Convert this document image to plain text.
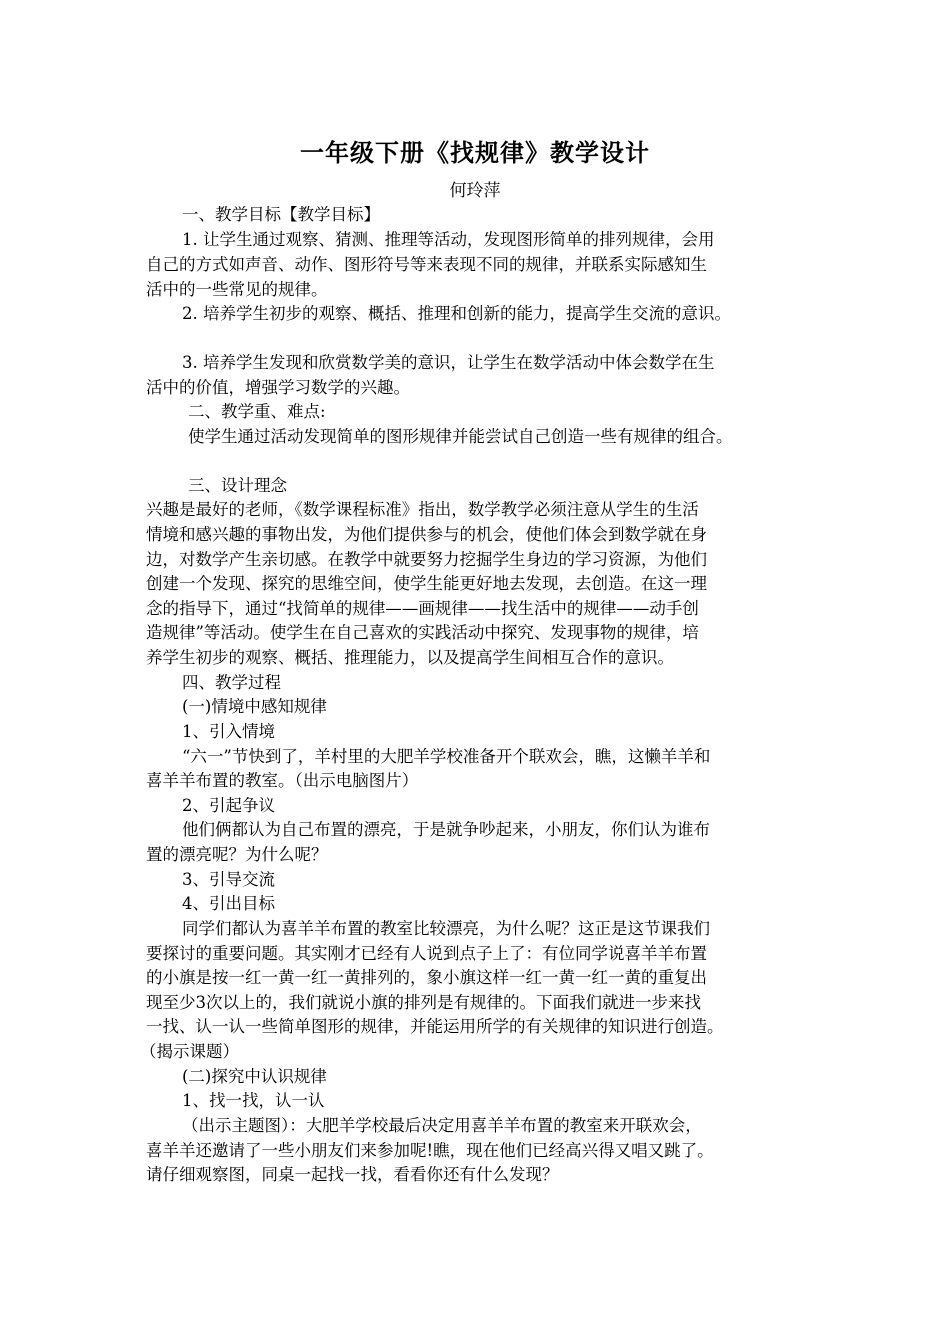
一年级下册《找规律》教学设计
何玲萍
一、教学目标【教学目标】
1. 让学生通过观察、猜测、推理等活动，发现图形简单的排列规律，会用
自己的方式如声音、动作、图形符号等来表现不同的规律，并联系实际感知生
活中的一些常见的规律。
2. 培养学生初步的观察、概括、推理和创新的能力，提高学生交流的意识。
3. 培养学生发现和欣赏数学美的意识，让学生在数学活动中体会数学在生
活中的价值，增强学习数学的兴趣。
二、教学重、难点:
使学生通过活动发现简单的图形规律并能尝试自己创造一些有规律的组合。
三、设计理念
兴趣是最好的老师，《数学课程标准》指出，数学教学必须注意从学生的生活
情境和感兴趣的事物出发，为他们提供参与的机会，使他们体会到数学就在身
边，对数学产生亲切感。在教学中就要努力挖掘学生身边的学习资源，为他们
创建一个发现、探究的思维空间，使学生能更好地去发现，去创造。在这一理
念的指导下，通过“找简单的规律——画规律——找生活中的规律——动手创
造规律”等活动。使学生在自己喜欢的实践活动中探究、发现事物的规律，培
养学生初步的观察、概括、推理能力，以及提高学生间相互合作的意识。
四、教学过程
(一)情境中感知规律
1、引入情境
“六一”节快到了，羊村里的大肥羊学校准备开个联欢会，瞧，这懒羊羊和
喜羊羊布置的教室。（出示电脑图片）
2、引起争议
他们俩都认为自己布置的漂亮，于是就争吵起来，小朋友，你们认为谁布
置的漂亮呢？为什么呢？
3、引导交流
4、引出目标
同学们都认为喜羊羊布置的教室比较漂亮，为什么呢？这正是这节课我们
要探讨的重要问题。其实刚才已经有人说到点子上了：有位同学说喜羊羊布置
的小旗是按一红一黄一红一黄排列的，象小旗这样一红一黄一红一黄的重复出
现至少3次以上的，我们就说小旗的排列是有规律的。下面我们就进一步来找
一找、认一认一些简单图形的规律，并能运用所学的有关规律的知识进行创造。
（揭示课题）
(二)探究中认识规律
1、找一找，认一认
（出示主题图）：大肥羊学校最后决定用喜羊羊布置的教室来开联欢会，
喜羊羊还邀请了一些小朋友们来参加呢!瞧，现在他们已经高兴得又唱又跳了。
请仔细观察图，同桌一起找一找，看看你还有什么发现？
